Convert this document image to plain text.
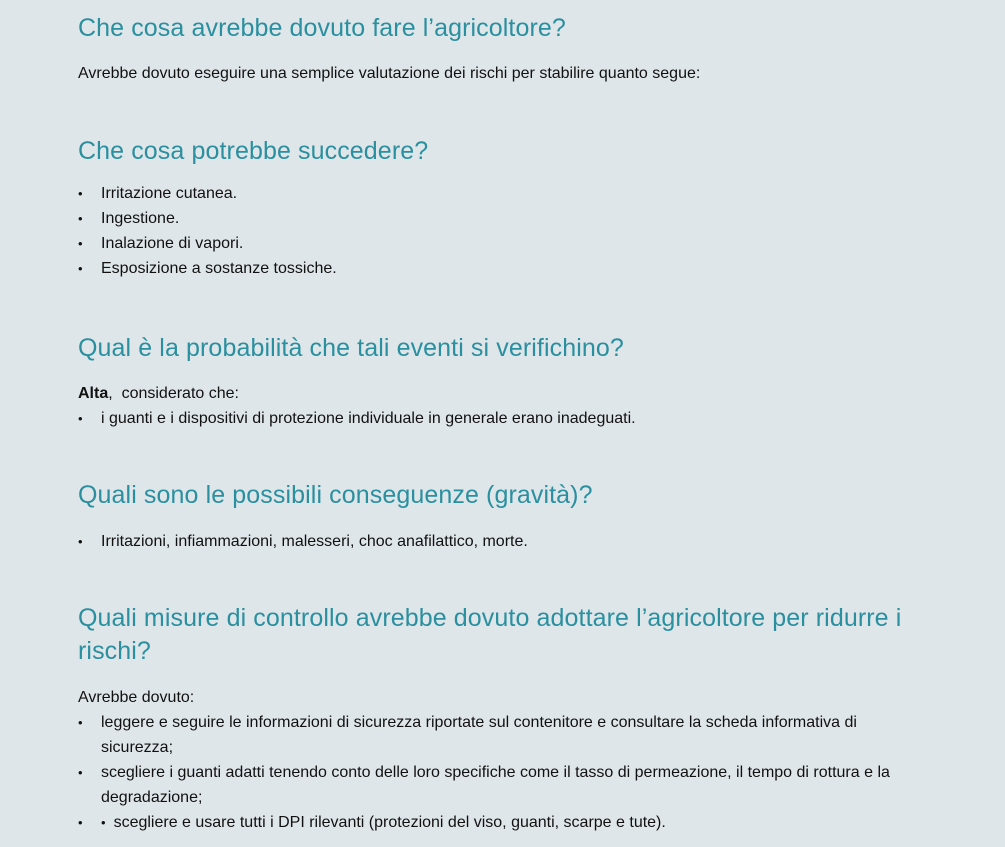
Che cosa avrebbe dovuto fare l’agricoltore?

Avrebbe dovuto eseguire una semplice valutazione dei rischi per stabilire quanto segue:

Che cosa potrebbe succedere?
• Irritazione cutanea.
• Ingestione.
• Inalazione di vapori.
• Esposizione a sostanze tossiche.
Qual è la probabilità che tali eventi si verifichino?

Alta,  considerato che:

• i guanti e i dispositivi di protezione individuale in generale erano inadeguati.
Quali sono le possibili conseguenze (gravità)?
• Irritazioni, infiammazioni, malesseri, choc anafilattico, morte.
Quali misure di controllo avrebbe dovuto adottare l’agricoltore per ridurre i rischi?

Avrebbe dovuto:

• leggere e seguire le informazioni di sicurezza riportate sul contenitore e consultare la scheda informativa di sicurezza;
• scegliere i guanti adatti tenendo conto delle loro specifiche come il tasso di permeazione, il tempo di rottura e la degradazione;
• • scegliere e usare tutti i DPI rilevanti (protezioni del viso, guanti, scarpe e tute).
